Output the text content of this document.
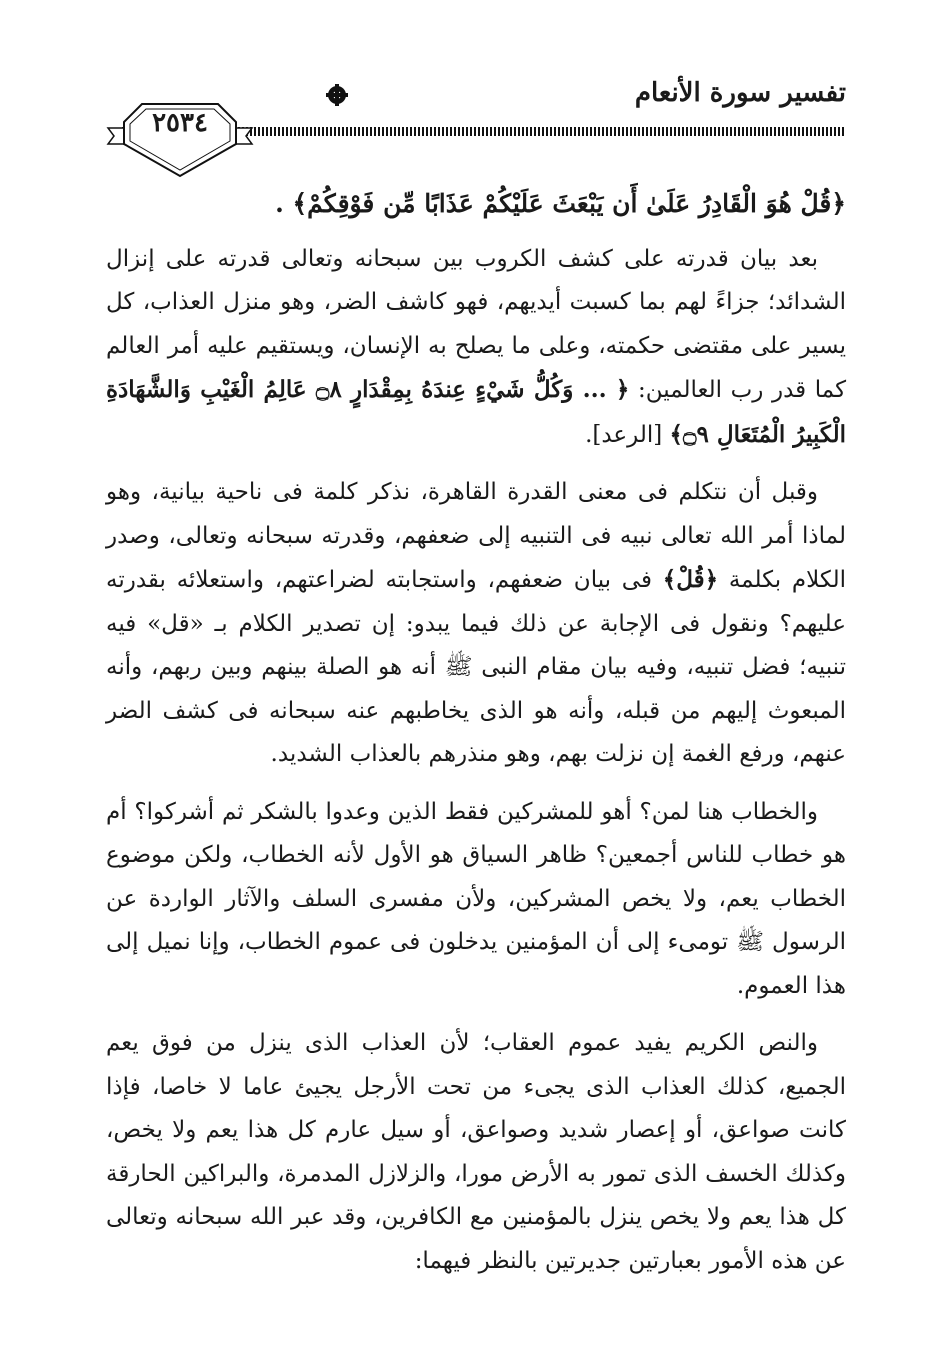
تفسير سورة الأنعام
٢٥٣٤
﴿قُلْ هُوَ الْقَادِرُ عَلَىٰ أَن يَبْعَثَ عَلَيْكُمْ عَذَابًا مِّن فَوْقِكُمْ﴾ .

بعد بيان قدرته على كشف الكروب بين سبحانه وتعالى قدرته على إنزال الشدائد؛ جزاءً لهم بما كسبت أيديهم، فهو كاشف الضر، وهو منزل العذاب، كل يسير على مقتضى حكمته، وعلى ما يصلح به الإنسان، ويستقيم عليه أمر العالم كما قدر رب العالمين: ﴿ ... وَكُلُّ شَيْءٍ عِندَهُ بِمِقْدَارٍ ۝٨ عَالِمُ الْغَيْبِ وَالشَّهَادَةِ الْكَبِيرُ الْمُتَعَالِ ۝٩﴾ [الرعد].

وقبل أن نتكلم فى معنى القدرة القاهرة، نذكر كلمة فى ناحية بيانية، وهو لماذا أمر الله تعالى نبيه فى التنبيه إلى ضعفهم، وقدرته سبحانه وتعالى، وصدر الكلام بكلمة ﴿قُلْ﴾ فى بيان ضعفهم، واستجابته لضراعتهم، واستعلائه بقدرته عليهم؟ ونقول فى الإجابة عن ذلك فيما يبدو: إن تصدير الكلام بـ «قل» فيه تنبيه؛ فضل تنبيه، وفيه بيان مقام النبى ﷺ أنه هو الصلة بينهم وبين ربهم، وأنه المبعوث إليهم من قبله، وأنه هو الذى يخاطبهم عنه سبحانه فى كشف الضر عنهم، ورفع الغمة إن نزلت بهم، وهو منذرهم بالعذاب الشديد.

والخطاب هنا لمن؟ أهو للمشركين فقط الذين وعدوا بالشكر ثم أشركوا؟ أم هو خطاب للناس أجمعين؟ ظاهر السياق هو الأول لأنه الخطاب، ولكن موضوع الخطاب يعم، ولا يخص المشركين، ولأن مفسرى السلف والآثار الواردة عن الرسول ﷺ تومىء إلى أن المؤمنين يدخلون فى عموم الخطاب، وإنا نميل إلى هذا العموم.

والنص الكريم يفيد عموم العقاب؛ لأن العذاب الذى ينزل من فوق يعم الجميع، كذلك العذاب الذى يجىء من تحت الأرجل يجيئ عاما لا خاصا، فإذا كانت صواعق، أو إعصار شديد وصواعق، أو سيل عارم كل هذا يعم ولا يخص، وكذلك الخسف الذى تمور به الأرض مورا، والزلازل المدمرة، والبراكين الحارقة كل هذا يعم ولا يخص ينزل بالمؤمنين مع الكافرين، وقد عبر الله سبحانه وتعالى عن هذه الأمور بعبارتين جديرتين بالنظر فيهما:
